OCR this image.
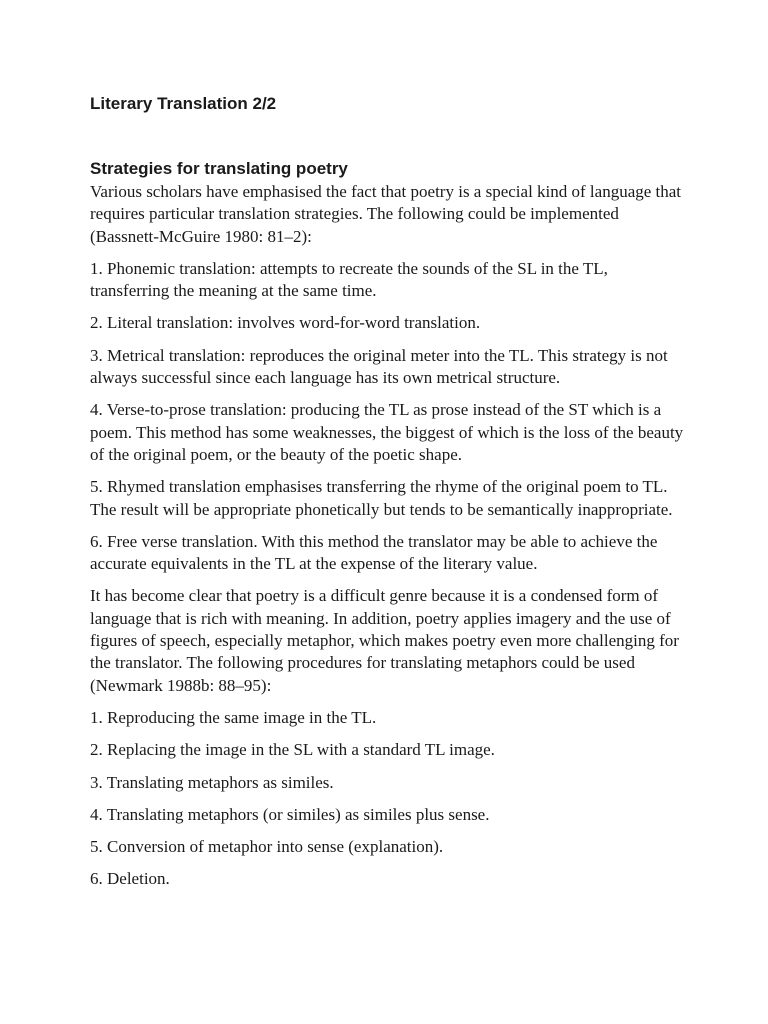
Literary Translation 2/2
Strategies for translating poetry

Various scholars have emphasised the fact that poetry is a special kind of language that requires particular translation strategies. The following could be implemented (Bassnett-McGuire 1980: 81–2):

1. Phonemic translation: attempts to recreate the sounds of the SL in the TL, transferring the meaning at the same time.

2. Literal translation: involves word-for-word translation.

3. Metrical translation: reproduces the original meter into the TL. This strategy is not always successful since each language has its own metrical structure.

4. Verse-to-prose translation: producing the TL as prose instead of the ST which is a poem. This method has some weaknesses, the biggest of which is the loss of the beauty of the original poem, or the beauty of the poetic shape.

5. Rhymed translation emphasises transferring the rhyme of the original poem to TL. The result will be appropriate phonetically but tends to be semantically inappropriate.

6. Free verse translation. With this method the translator may be able to achieve the accurate equivalents in the TL at the expense of the literary value.

It has become clear that poetry is a difficult genre because it is a condensed form of language that is rich with meaning. In addition, poetry applies imagery and the use of figures of speech, especially metaphor, which makes poetry even more challenging for the translator. The following procedures for translating metaphors could be used (Newmark 1988b: 88–95):

1. Reproducing the same image in the TL.

2. Replacing the image in the SL with a standard TL image.

3. Translating metaphors as similes.

4. Translating metaphors (or similes) as similes plus sense.

5. Conversion of metaphor into sense (explanation).

6. Deletion.
